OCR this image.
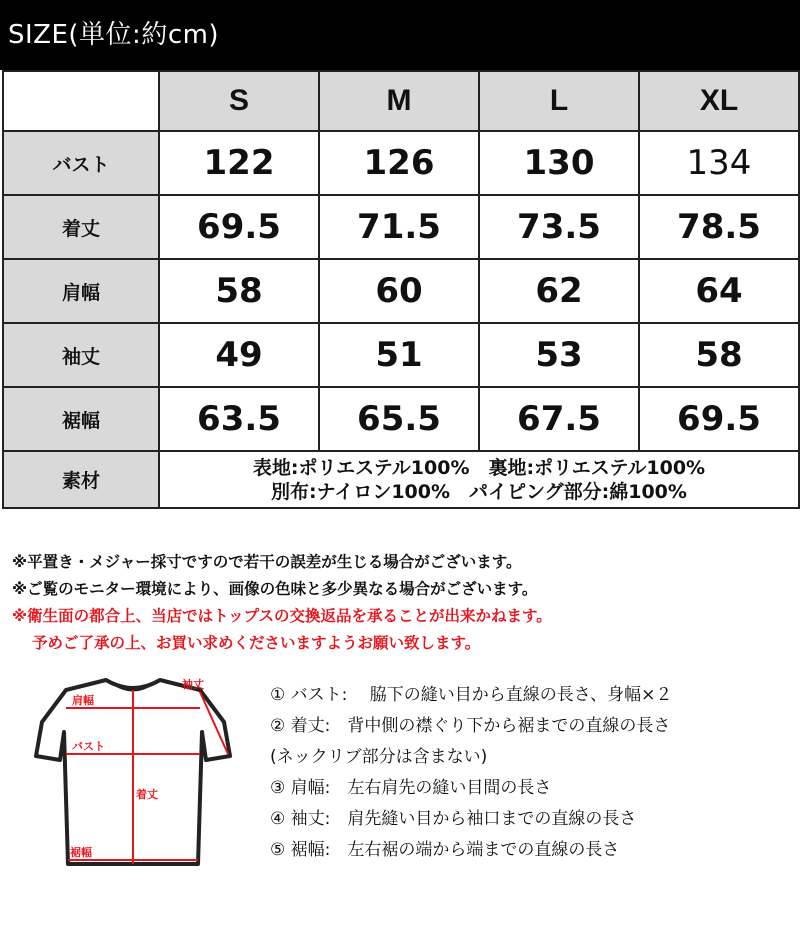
SIZE(単位:約cm)
	S	M	L	XL
バスト	122	126	130	134
着丈	69.5	71.5	73.5	78.5
肩幅	58	60	62	64
袖丈	49	51	53	58
裾幅	63.5	65.5	67.5	69.5
素材	表地:ポリエステル100%　裏地:ポリエステル100%
別布:ナイロン100%　パイピング部分:綿100%			
※平置き・メジャー採寸ですので若干の誤差が生じる場合がございます。
※ご覧のモニター環境により、画像の色味と多少異なる場合がございます。
※衛生面の都合上、当店ではトップスの交換返品を承ることが出来かねます。
予めご了承の上、お買い求めくださいますようお願い致します。
袖丈
肩幅
バスト
着丈
裾幅
① バスト:　 脇下の縫い目から直線の長さ、身幅×２
② 着丈:　背中側の襟ぐり下から裾までの直線の長さ
(ネックリブ部分は含まない)
③ 肩幅:　左右肩先の縫い目間の長さ
④ 袖丈:　肩先縫い目から袖口までの直線の長さ
⑤ 裾幅:　左右裾の端から端までの直線の長さ
